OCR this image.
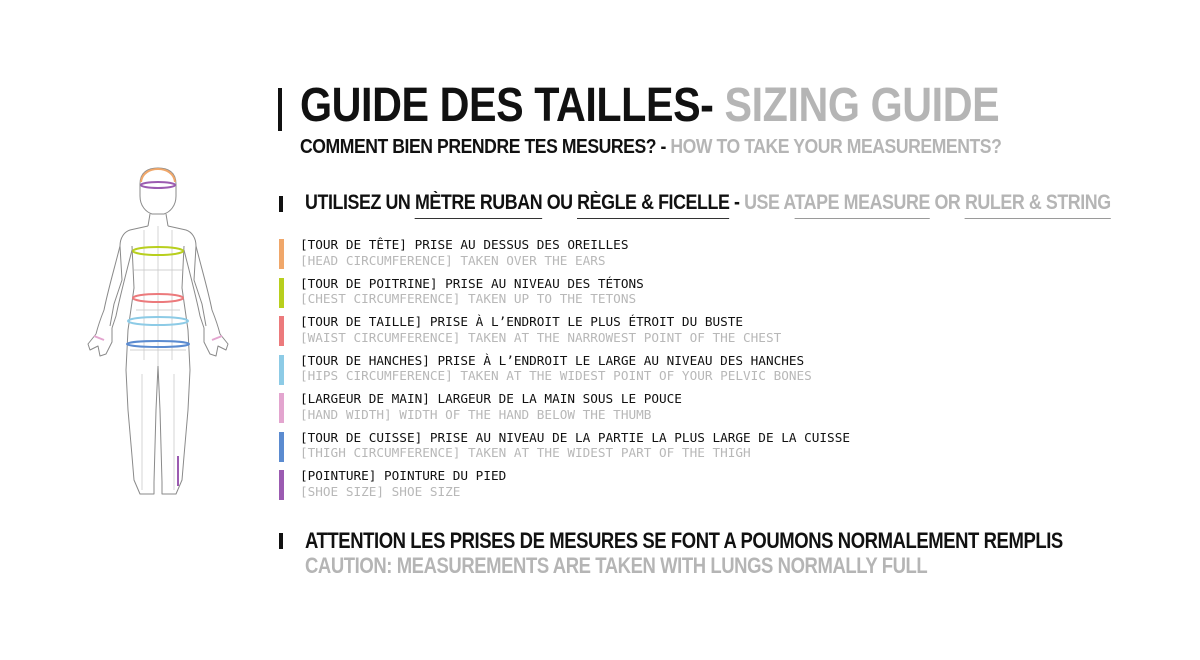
GUIDE DES TAILLES- SIZING GUIDE
COMMENT BIEN PRENDRE TES MESURES? - HOW TO TAKE YOUR MEASUREMENTS?
UTILISEZ UN MÈTRE RUBAN OU RÈGLE & FICELLE - USE ATAPE MEASURE OR RULER & STRING
[TOUR DE TÊTE] PRISE AU DESSUS DES OREILLES
[HEAD CIRCUMFERENCE] TAKEN OVER THE EARS
[TOUR DE POITRINE] PRISE AU NIVEAU DES TÉTONS
[CHEST CIRCUMFERENCE] TAKEN UP TO THE TETONS
[TOUR DE TAILLE] PRISE À L’ENDROIT LE PLUS ÉTROIT DU BUSTE
[WAIST CIRCUMFERENCE] TAKEN AT THE NARROWEST POINT OF THE CHEST
[TOUR DE HANCHES] PRISE À L’ENDROIT LE LARGE AU NIVEAU DES HANCHES
[HIPS CIRCUMFERENCE] TAKEN AT THE WIDEST POINT OF YOUR PELVIC BONES
[LARGEUR DE MAIN] LARGEUR DE LA MAIN SOUS LE POUCE
[HAND WIDTH] WIDTH OF THE HAND BELOW THE THUMB
[TOUR DE CUISSE] PRISE AU NIVEAU DE LA PARTIE LA PLUS LARGE DE LA CUISSE
[THIGH CIRCUMFERENCE] TAKEN AT THE WIDEST PART OF THE THIGH
[POINTURE] POINTURE DU PIED
[SHOE SIZE] SHOE SIZE
ATTENTION LES PRISES DE MESURES SE FONT A POUMONS NORMALEMENT REMPLIS
CAUTION: MEASUREMENTS ARE TAKEN WITH LUNGS NORMALLY FULL
